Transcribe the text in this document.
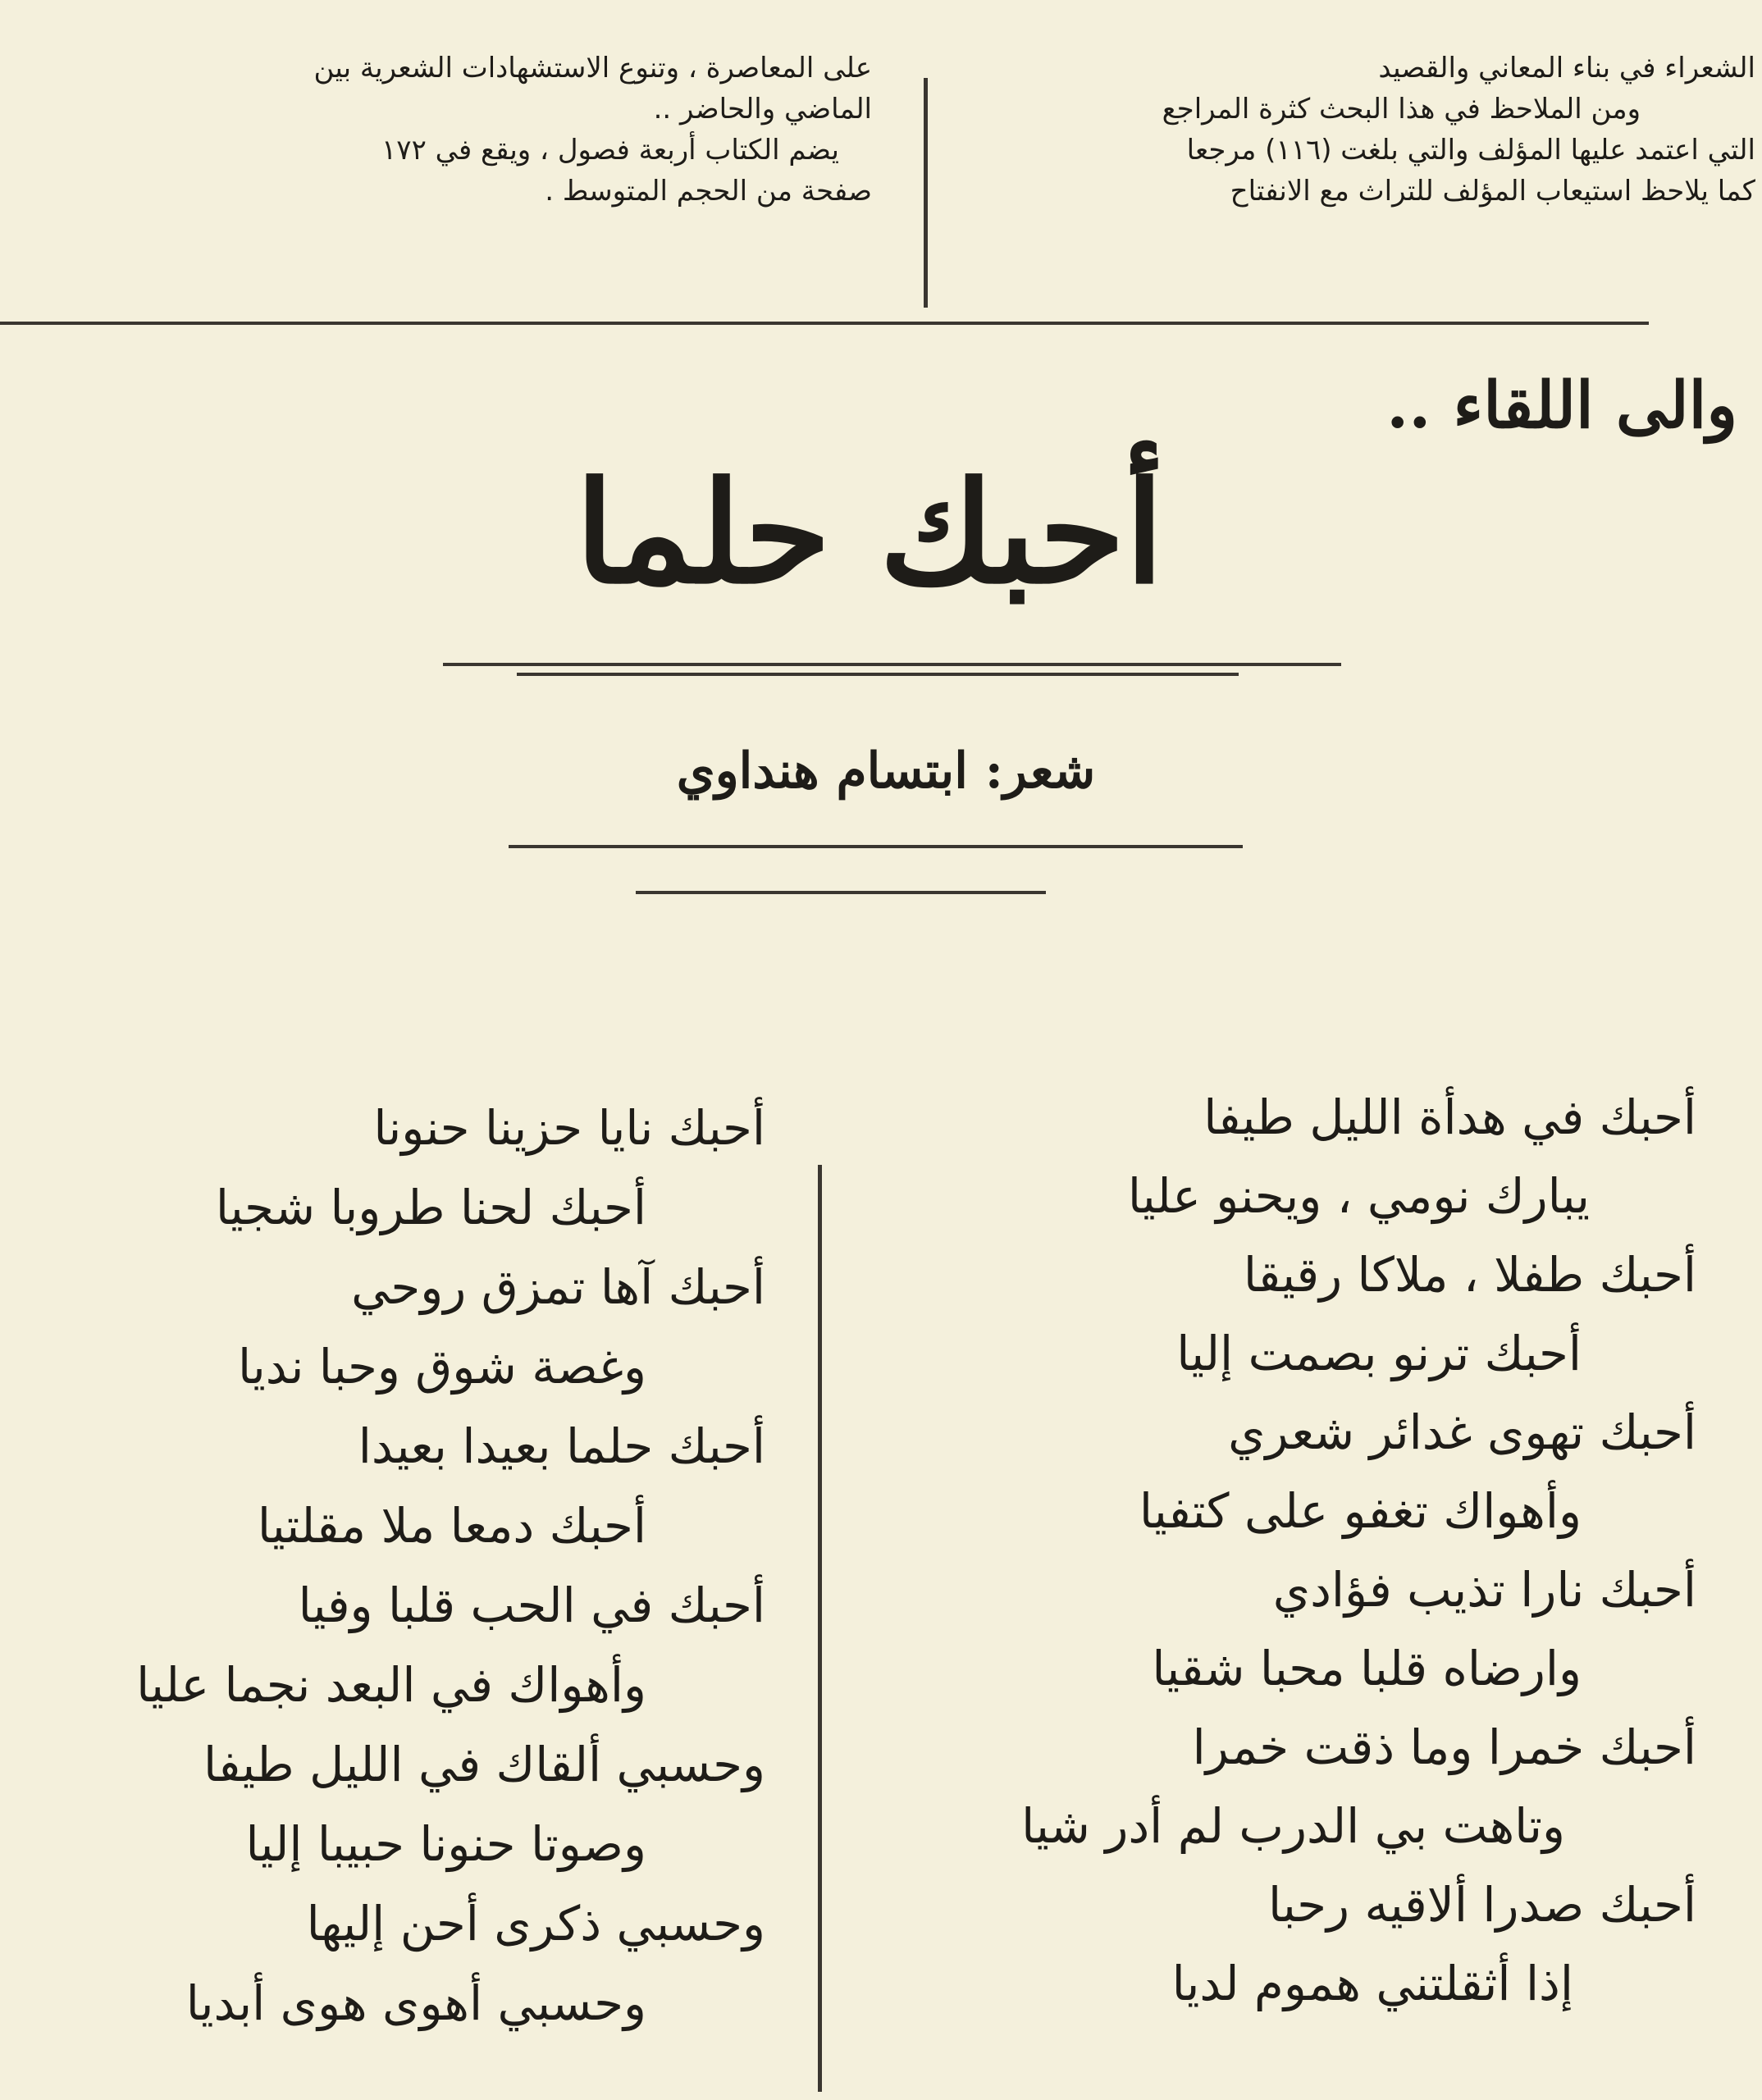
الشعراء في بناء المعاني والقصيد

ومن الملاحظ في هذا البحث كثرة المراجع

التي اعتمد عليها المؤلف والتي بلغت (١١٦) مرجعا

كما يلاحظ استيعاب المؤلف للتراث مع الانفتاح

على المعاصرة ، وتنوع الاستشهادات الشعرية بين

الماضي والحاضر ..

يضم الكتاب أربعة فصول ، ويقع في ١٧٢

صفحة من الحجم المتوسط .

والى اللقاء ..
أحبك حلما
شعر: ابتسام هنداوي
أحبك في هدأة الليل طيفا
يبارك نومي ، ويحنو عليا
أحبك طفلا ، ملاكا رقيقا
أحبك ترنو بصمت إليا
أحبك تهوى غدائر شعري
وأهواك تغفو على كتفيا
أحبك نارا تذيب فؤادي
وارضاه قلبا محبا شقيا
أحبك خمرا وما ذقت خمرا
وتاهت بي الدرب لم أدر شيا
أحبك صدرا ألاقيه رحبا
إذا أثقلتني هموم لديا
أحبك نايا حزينا حنونا
أحبك لحنا طروبا شجيا
أحبك آها تمزق روحي
وغصة شوق وحبا نديا
أحبك حلما بعيدا بعيدا
أحبك دمعا ملا مقلتيا
أحبك في الحب قلبا وفيا
وأهواك في البعد نجما عليا
وحسبي ألقاك في الليل طيفا
وصوتا حنونا حبيبا إليا
وحسبي ذكرى أحن إليها
وحسبي أهوى هوى أبديا
